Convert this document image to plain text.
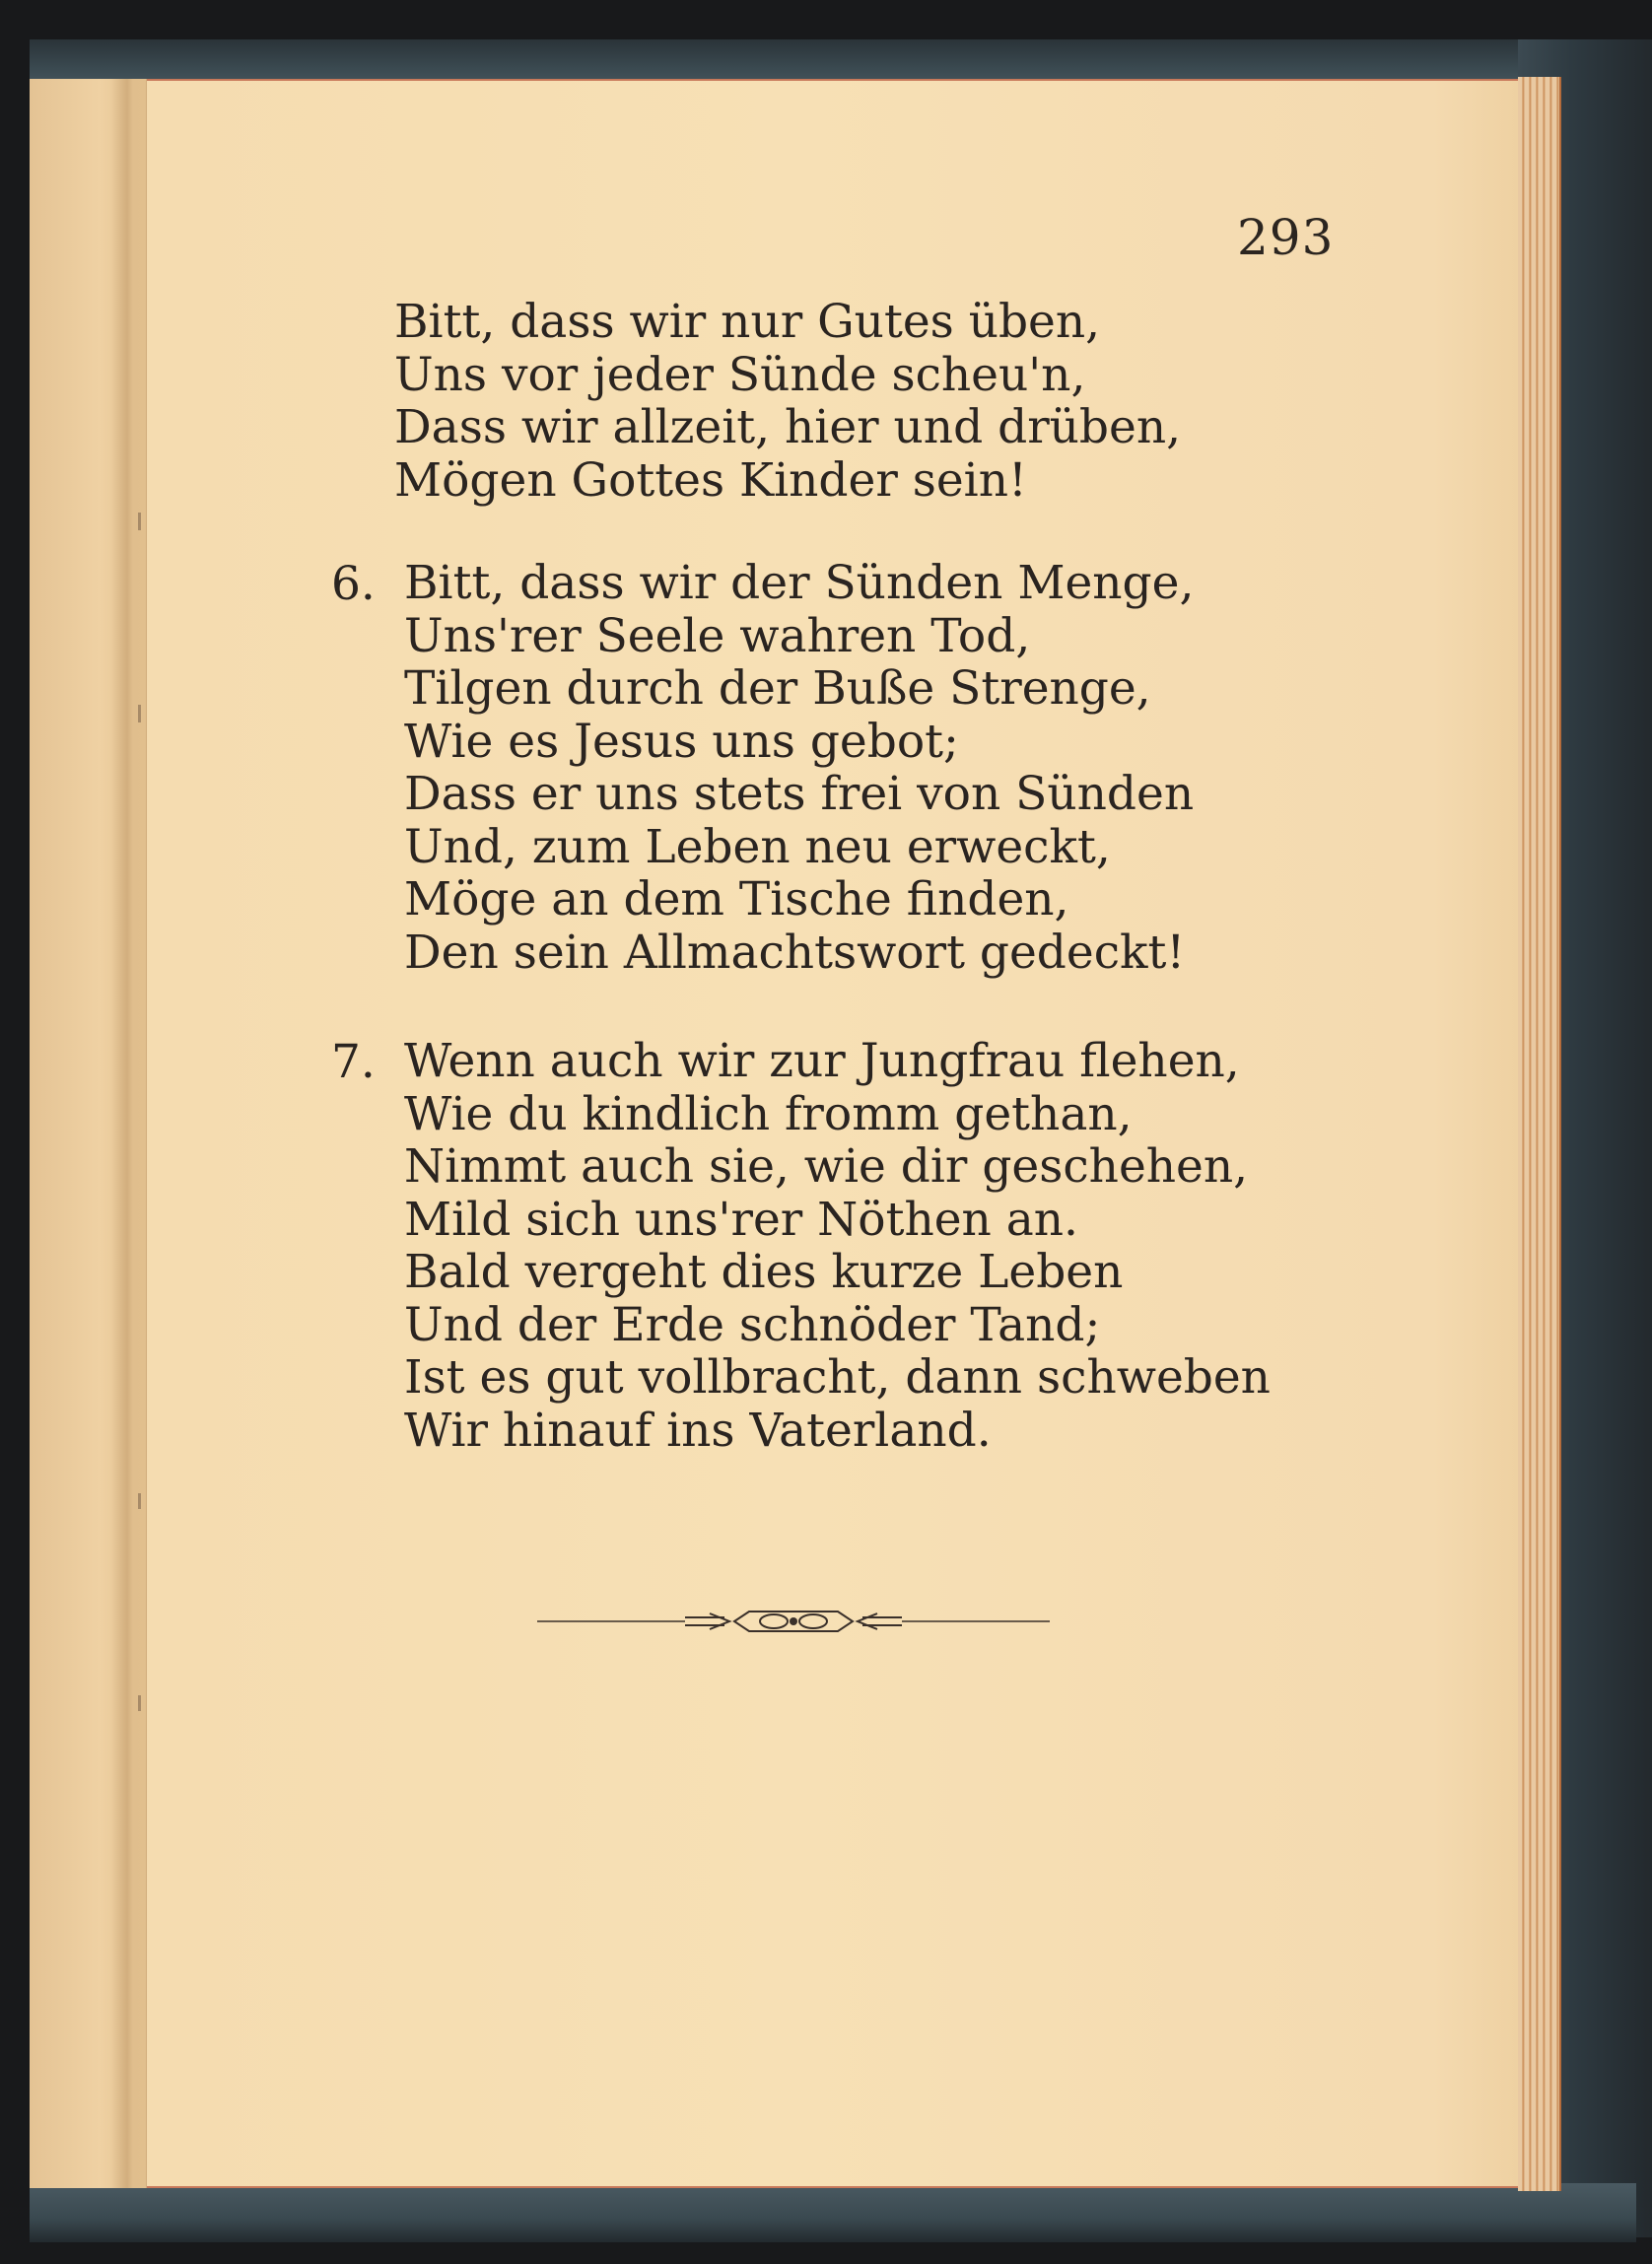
293
Bitt, dass wir nur Gutes üben,
Uns vor jeder Sünde scheu'n,
Dass wir allzeit, hier und drüben,
Mögen Gottes Kinder sein!
6. Bitt, dass wir der Sünden Menge,
Uns'rer Seele wahren Tod,
Tilgen durch der Buße Strenge,
Wie es Jesus uns gebot;
Dass er uns stets frei von Sünden
Und, zum Leben neu erweckt,
Möge an dem Tische finden,
Den sein Allmachtswort gedeckt!
7. Wenn auch wir zur Jungfrau flehen,
Wie du kindlich fromm gethan,
Nimmt auch sie, wie dir geschehen,
Mild sich uns'rer Nöthen an.
Bald vergeht dies kurze Leben
Und der Erde schnöder Tand;
Ist es gut vollbracht, dann schweben
Wir hinauf ins Vaterland.
